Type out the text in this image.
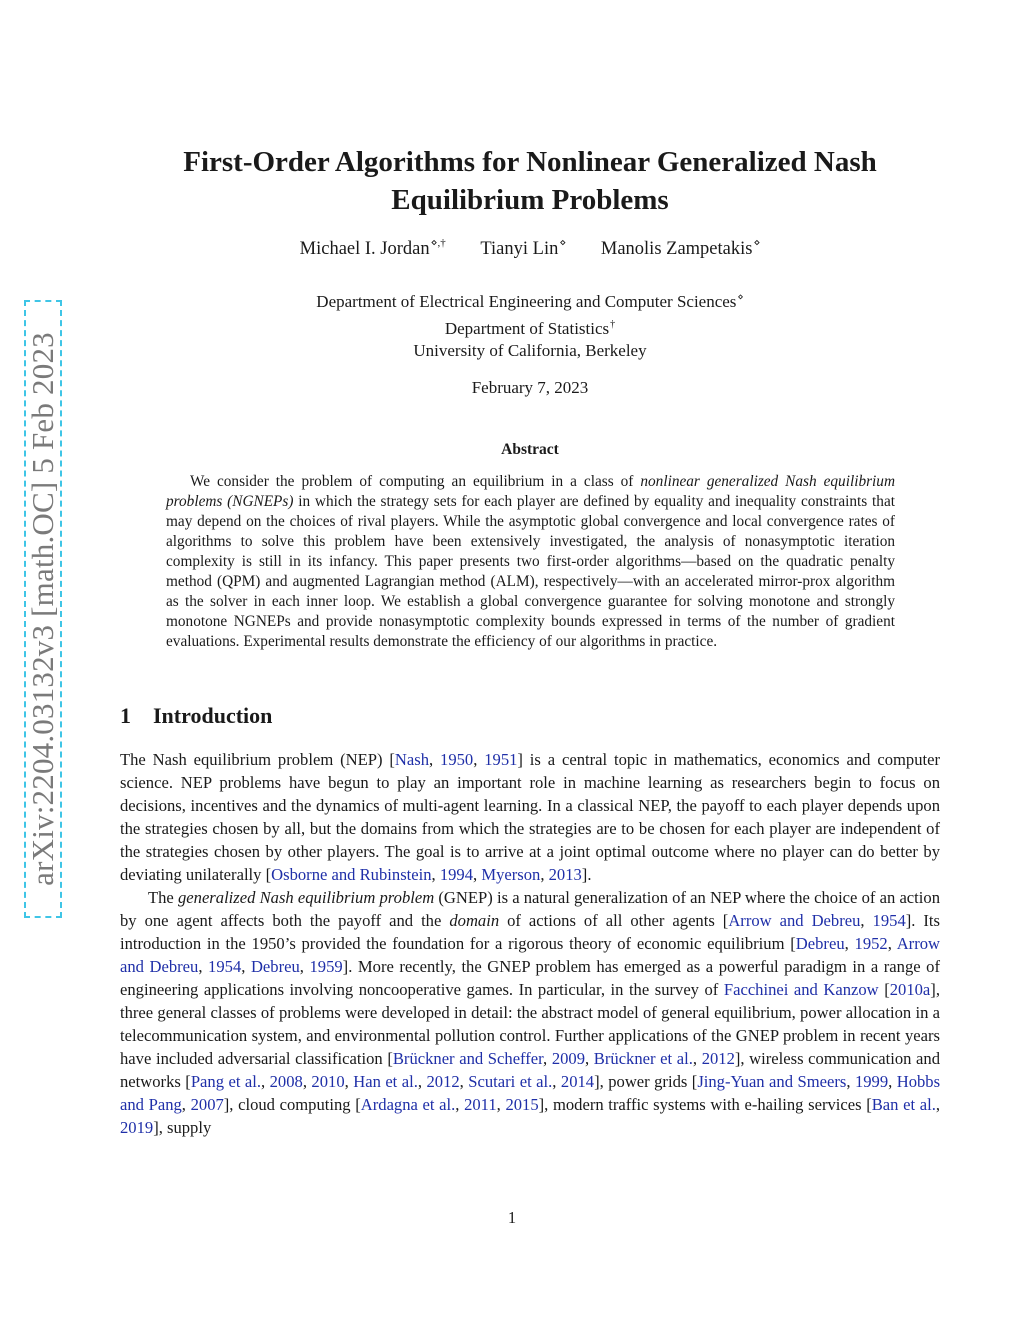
arXiv:2204.03132v3 [math.OC] 5 Feb 2023
First-Order Algorithms for Nonlinear Generalized Nash
Equilibrium Problems
Michael I. Jordan⋄,† Tianyi Lin⋄ Manolis Zampetakis⋄
Department of Electrical Engineering and Computer Sciences⋄
Department of Statistics†
University of California, Berkeley
February 7, 2023
Abstract
We consider the problem of computing an equilibrium in a class of nonlinear generalized Nash equilibrium problems (NGNEPs) in which the strategy sets for each player are defined by equality and inequality constraints that may depend on the choices of rival players. While the asymptotic global convergence and local convergence rates of algorithms to solve this problem have been extensively investigated, the analysis of nonasymptotic iteration complexity is still in its infancy. This paper presents two first-order algorithms—based on the quadratic penalty method (QPM) and augmented Lagrangian method (ALM), respectively—with an accelerated mirror-prox algorithm as the solver in each inner loop. We establish a global convergence guarantee for solving monotone and strongly monotone NGNEPs and provide nonasymptotic complexity bounds expressed in terms of the number of gradient evaluations. Experimental results demonstrate the efficiency of our algorithms in practice.
1 Introduction

The Nash equilibrium problem (NEP) [Nash, 1950, 1951] is a central topic in mathematics, economics and computer science. NEP problems have begun to play an important role in machine learning as researchers begin to focus on decisions, incentives and the dynamics of multi-agent learning. In a classical NEP, the payoff to each player depends upon the strategies chosen by all, but the domains from which the strategies are to be chosen for each player are independent of the strategies chosen by other players. The goal is to arrive at a joint optimal outcome where no player can do better by deviating unilaterally [Osborne and Rubinstein, 1994, Myerson, 2013].

The generalized Nash equilibrium problem (GNEP) is a natural generalization of an NEP where the choice of an action by one agent affects both the payoff and the domain of actions of all other agents [Arrow and Debreu, 1954]. Its introduction in the 1950’s provided the foundation for a rigorous theory of economic equilibrium [Debreu, 1952, Arrow and Debreu, 1954, Debreu, 1959]. More recently, the GNEP problem has emerged as a powerful paradigm in a range of engineering applications involving noncooperative games. In particular, in the survey of Facchinei and Kanzow [2010a], three general classes of problems were developed in detail: the abstract model of general equilibrium, power allocation in a telecommunication system, and environmental pollution control. Further applications of the GNEP problem in recent years have included adversarial classification [Brückner and Scheffer, 2009, Brückner et al., 2012], wireless communication and networks [Pang et al., 2008, 2010, Han et al., 2012, Scutari et al., 2014], power grids [Jing-Yuan and Smeers, 1999, Hobbs and Pang, 2007], cloud computing [Ardagna et al., 2011, 2015], modern traffic systems with e-hailing services [Ban et al., 2019], supply

1
